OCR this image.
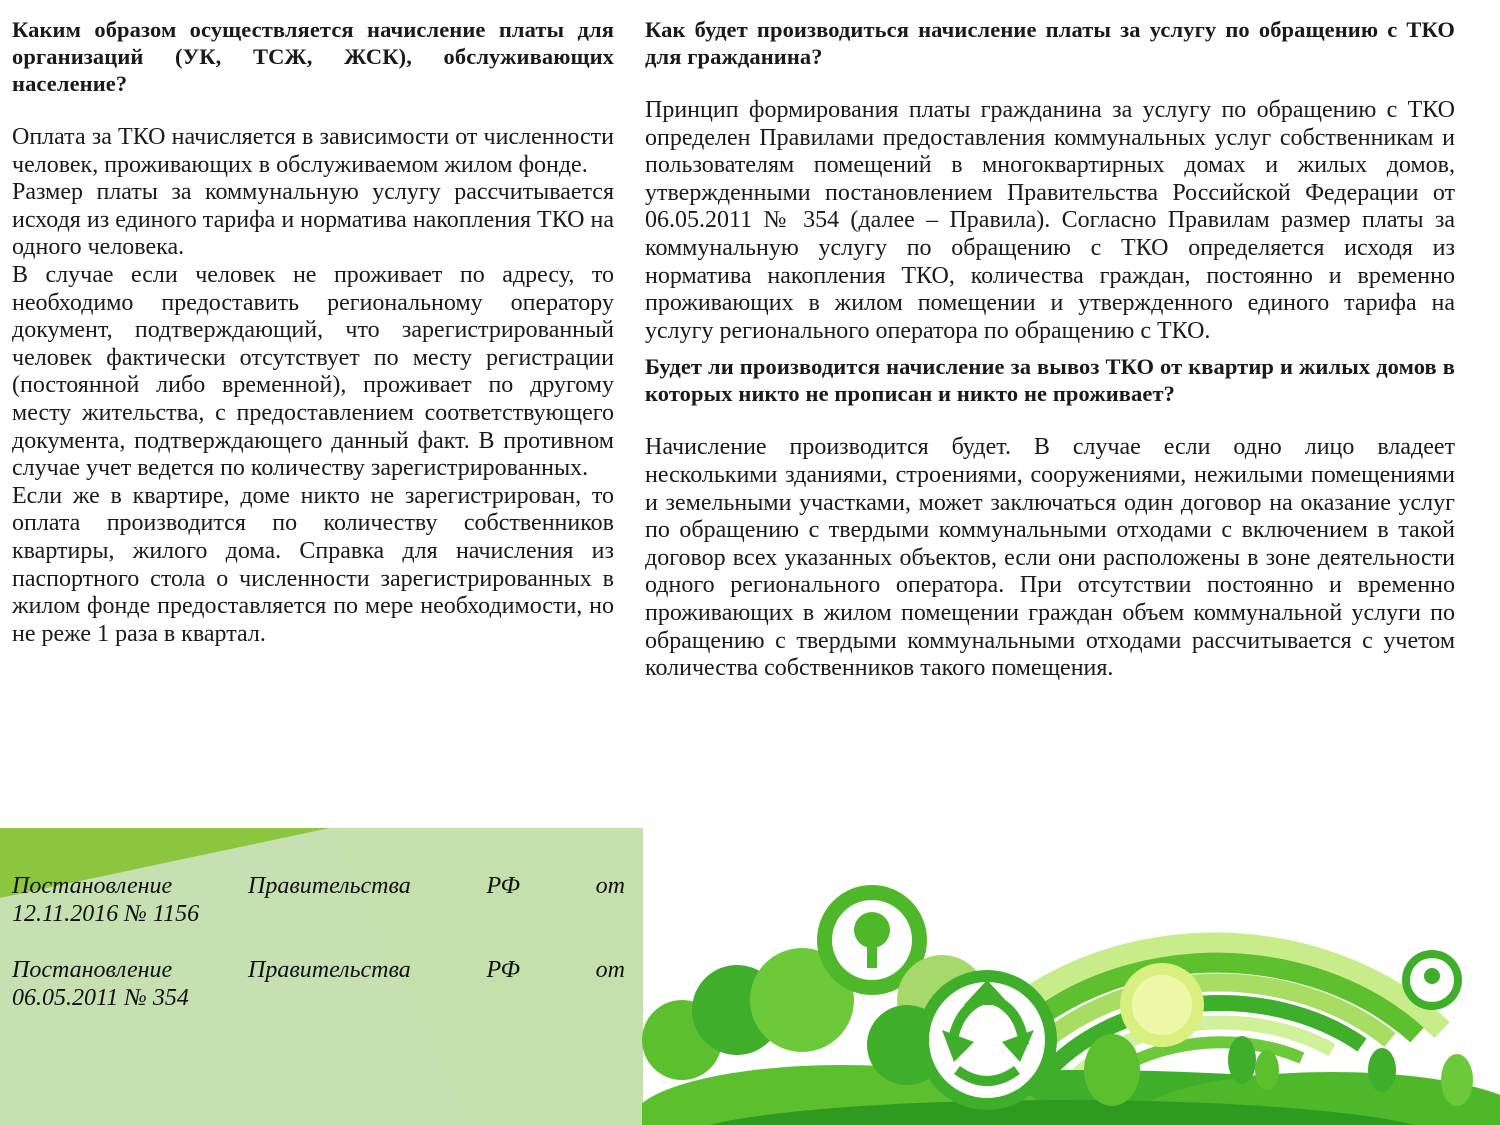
Каким образом осуществляется начисление платы для организаций (УК, ТСЖ, ЖСК), обслуживающих население?

Оплата за ТКО начисляется в зависимости от численности человек, проживающих в обслуживаемом жилом фонде.

Размер платы за коммунальную услугу рассчитывается исходя из единого тарифа и норматива накопления ТКО на одного человека.

В случае если человек не проживает по адресу, то необходимо предоставить региональному оператору документ, подтверждающий, что зарегистрированный человек фактически отсутствует по месту регистрации (постоянной либо временной), проживает по другому месту жительства, с предоставлением соответствующего документа, подтверждающего данный факт. В противном случае учет ведется по количеству зарегистрированных.

Если же в квартире, доме никто не зарегистрирован, то оплата производится по количеству собственников квартиры, жилого дома. Справка для начисления из паспортного стола о численности зарегистрированных в жилом фонде предоставляется по мере необходимости, но не реже 1 раза в квартал.

Как будет производиться начисление платы за услугу по обращению с ТКО для гражданина?

Принцип формирования платы гражданина за услугу по обращению с ТКО определен Правилами предоставления коммунальных услуг собственникам и пользователям помещений в многоквартирных домах и жилых домов, утвержденными постановлением Правительства Российской Федерации от 06.05.2011 № 354 (далее – Правила). Согласно Правилам размер платы за коммунальную услугу по обращению с ТКО определяется исходя из норматива накопления ТКО, количества граждан, постоянно и временно проживающих в жилом помещении и утвержденного единого тарифа на услугу регионального оператора по обращению с ТКО.

Будет ли производится начисление за вывоз ТКО от квартир и жилых домов в которых никто не прописан и никто не проживает?

Начисление производится будет. В случае если одно лицо владеет несколькими зданиями, строениями, сооружениями, нежилыми помещениями и земельными участками, может заключаться один договор на оказание услуг по обращению с твердыми коммунальными отходами с включением в такой договор всех указанных объектов, если они расположены в зоне деятельности одного регионального оператора. При отсутствии постоянно и временно проживающих в жилом помещении граждан объем коммунальной услуги по обращению с твердыми коммунальными отходами рассчитывается с учетом количества собственников такого помещения.

Постановление Правительства РФ от
12.11.2016 № 1156

Постановление Правительства РФ от
06.05.2011 № 354
